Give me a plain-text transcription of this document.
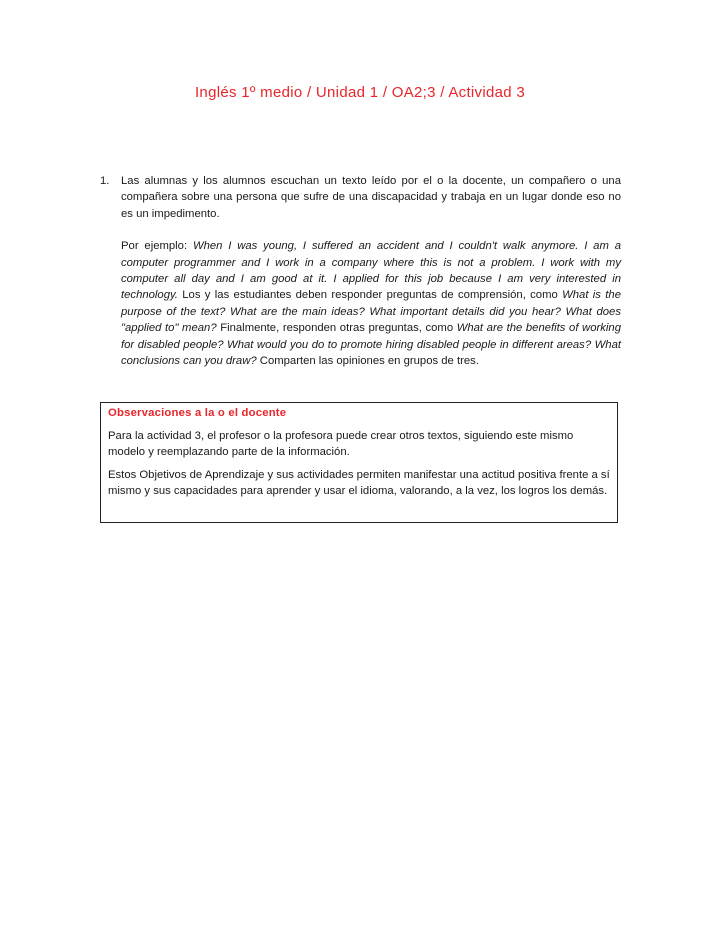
Inglés 1º medio / Unidad 1 / OA2;3 / Actividad 3
1. Las alumnas y los alumnos escuchan un texto leído por el o la docente, un compañero o una compañera sobre una persona que sufre de una discapacidad y trabaja en un lugar donde eso no es un impedimento.

Por ejemplo: When I was young, I suffered an accident and I couldn't walk anymore. I am a computer programmer and I work in a company where this is not a problem. I work with my computer all day and I am good at it. I applied for this job because I am very interested in technology. Los y las estudiantes deben responder preguntas de comprensión, como What is the purpose of the text? What are the main ideas? What important details did you hear? What does "applied to" mean? Finalmente, responden otras preguntas, como What are the benefits of working for disabled people? What would you do to promote hiring disabled people in different areas? What conclusions can you draw? Comparten las opiniones en grupos de tres.

Observaciones a la o el docente

Para la actividad 3, el profesor o la profesora puede crear otros textos, siguiendo este mismo modelo y reemplazando parte de la información.

Estos Objetivos de Aprendizaje y sus actividades permiten manifestar una actitud positiva frente a sí mismo y sus capacidades para aprender y usar el idioma, valorando, a la vez, los logros los demás.
